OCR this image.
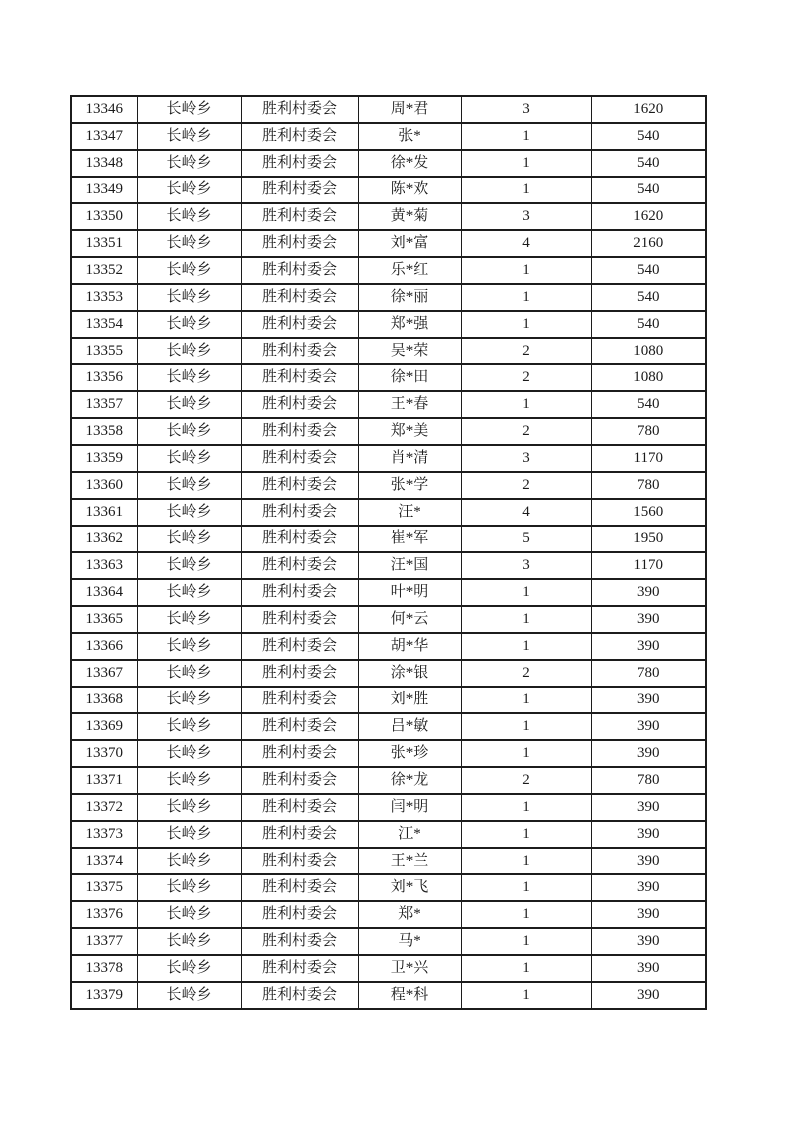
13346	长岭乡	胜利村委会	周*君	3	1620
13347	长岭乡	胜利村委会	张*	1	540
13348	长岭乡	胜利村委会	徐*发	1	540
13349	长岭乡	胜利村委会	陈*欢	1	540
13350	长岭乡	胜利村委会	黄*菊	3	1620
13351	长岭乡	胜利村委会	刘*富	4	2160
13352	长岭乡	胜利村委会	乐*红	1	540
13353	长岭乡	胜利村委会	徐*丽	1	540
13354	长岭乡	胜利村委会	郑*强	1	540
13355	长岭乡	胜利村委会	吴*荣	2	1080
13356	长岭乡	胜利村委会	徐*田	2	1080
13357	长岭乡	胜利村委会	王*春	1	540
13358	长岭乡	胜利村委会	郑*美	2	780
13359	长岭乡	胜利村委会	肖*清	3	1170
13360	长岭乡	胜利村委会	张*学	2	780
13361	长岭乡	胜利村委会	汪*	4	1560
13362	长岭乡	胜利村委会	崔*军	5	1950
13363	长岭乡	胜利村委会	汪*国	3	1170
13364	长岭乡	胜利村委会	叶*明	1	390
13365	长岭乡	胜利村委会	何*云	1	390
13366	长岭乡	胜利村委会	胡*华	1	390
13367	长岭乡	胜利村委会	涂*银	2	780
13368	长岭乡	胜利村委会	刘*胜	1	390
13369	长岭乡	胜利村委会	吕*敏	1	390
13370	长岭乡	胜利村委会	张*珍	1	390
13371	长岭乡	胜利村委会	徐*龙	2	780
13372	长岭乡	胜利村委会	闫*明	1	390
13373	长岭乡	胜利村委会	江*	1	390
13374	长岭乡	胜利村委会	王*兰	1	390
13375	长岭乡	胜利村委会	刘*飞	1	390
13376	长岭乡	胜利村委会	郑*	1	390
13377	长岭乡	胜利村委会	马*	1	390
13378	长岭乡	胜利村委会	卫*兴	1	390
13379	长岭乡	胜利村委会	程*科	1	390
